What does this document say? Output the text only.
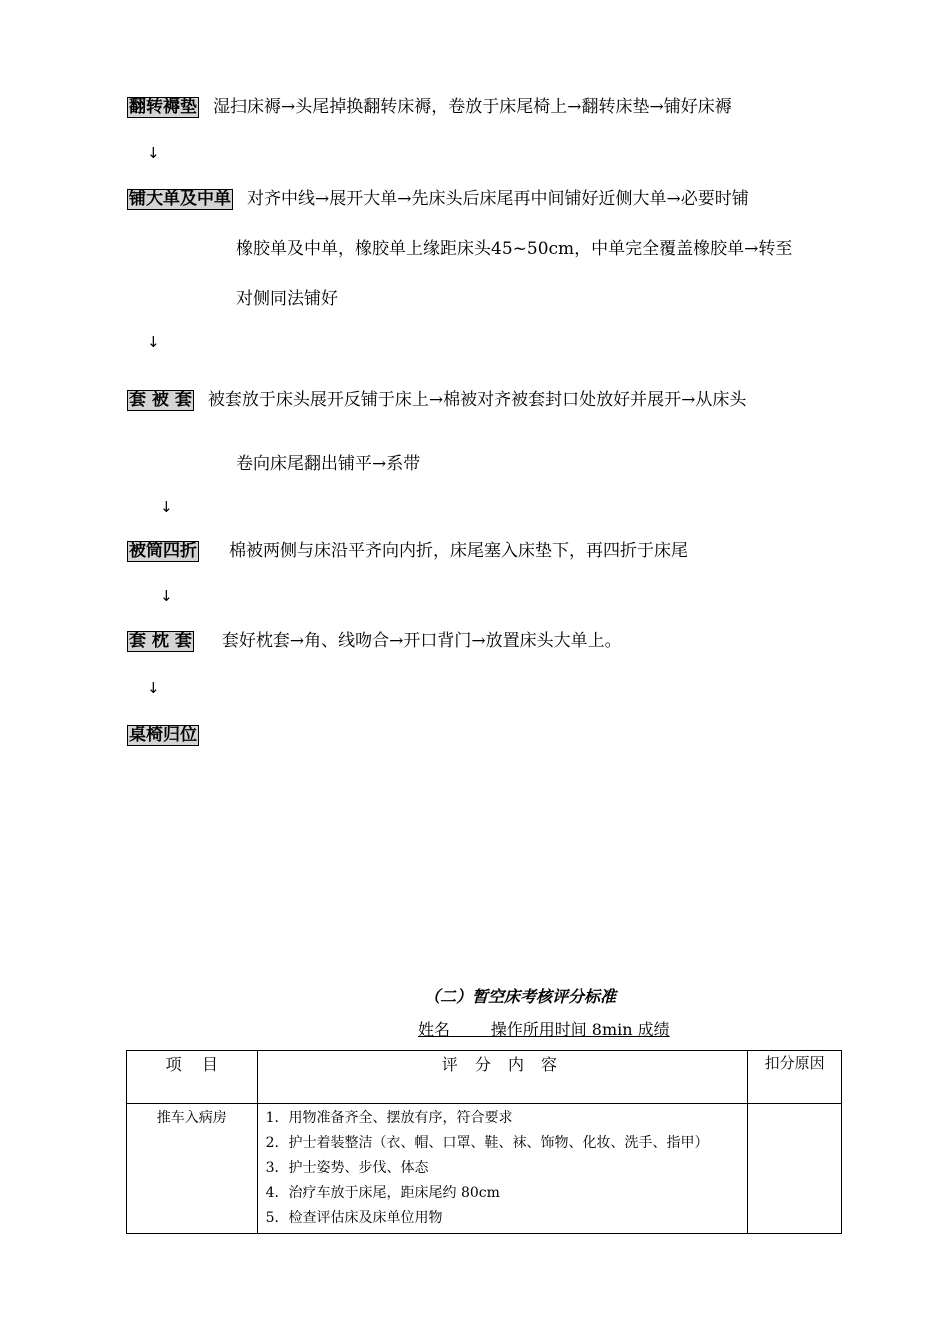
翻转褥垫 湿扫床褥→头尾掉换翻转床褥，卷放于床尾椅上→翻转床垫→铺好床褥
↓
铺大单及中单 对齐中线→展开大单→先床头后床尾再中间铺好近侧大单→必要时铺
橡胶单及中单，橡胶单上缘距床头45~50cm，中单完全覆盖橡胶单→转至
对侧同法铺好
↓
套 被 套 被套放于床头展开反铺于床上→棉被对齐被套封口处放好并展开→从床头
卷向床尾翻出铺平→系带
↓
被筒四折 棉被两侧与床沿平齐向内折，床尾塞入床垫下，再四折于床尾
↓
套 枕 套 套好枕套→角、线吻合→开口背门→放置床头大单上。
↓
桌椅归位
（二）暂空床考核评分标准
姓名        操作所用时间 8min 成绩
项    目	评 分 内 容	扣分原因
推车入病房	1．用物准备齐全、摆放有序，符合要求
2．护士着装整洁（衣、帽、口罩、鞋、袜、饰物、化妆、洗手、指甲）
3．护士姿势、步伐、体态
4．治疗车放于床尾，距床尾约 80cm
5．检查评估床及床单位用物	
